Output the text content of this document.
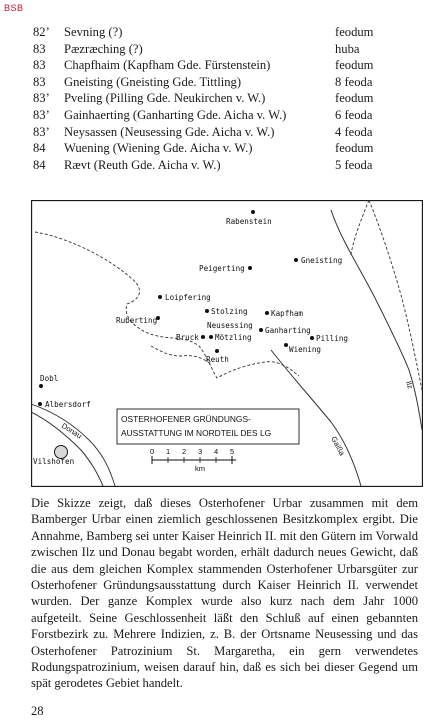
BSB
82’ Sevning (?)	feodum
83 Pæzræching (?)	huba
83 Chapfhaim (Kapfham Gde. Fürstenstein)	feodum
83 Gneisting (Gneisting Gde. Tittling)	8 feoda
83’ Pveling (Pilling Gde. Neukirchen v. W.)	feodum
83’ Gainhaerting (Ganharting Gde. Aicha v. W.)	6 feoda
83’ Neysassen (Neusessing Gde. Aicha v. W.)	4 feoda
84 Wuening (Wiening Gde. Aicha v. W.)	feodum
84 Rævt (Reuth Gde. Aicha v. W.)	5 feoda
Rabenstein
Gneisting
Peigerting
Loipfering
Stolzing	Kapfham
Ruberting
Neusessing
Ganharting
Pilling
Bruck Mötzling
Wiening
Reuth
Dobl
Albersdorf
Vilshofen
Donau
Ilz
Gaißa
OSTERHOFENER GRÜNDUNGS-
AUSSTATTUNG IM NORDTEIL DES LG
0 1 2 3 4 5
km

Die Skizze zeigt, daß dieses Osterhofener Urbar zusammen mit dem Bamberger Urbar einen ziemlich geschlossenen Besitzkomplex ergibt. Die Annahme, Bamberg sei unter Kaiser Heinrich II. mit den Gütern im Vorwald zwischen Ilz und Donau begabt worden, erhält dadurch neues Gewicht, daß die aus dem gleichen Komplex stammenden Osterhofener Urbarsgüter zur Osterhofener Gründungsausstattung durch Kaiser Heinrich II. verwendet wurden. Der ganze Komplex wurde also kurz nach dem Jahr 1000 aufgeteilt. Seine Geschlossenheit läßt den Schluß auf einen gebannten Forstbezirk zu. Mehrere Indizien, z. B. der Ortsname Neusessing und das Osterhofener Patrozinium St. Margaretha, ein gern verwendetes Rodungspatrozinium, weisen darauf hin, daß es sich bei dieser Gegend um spät gerodetes Gebiet handelt.

28
